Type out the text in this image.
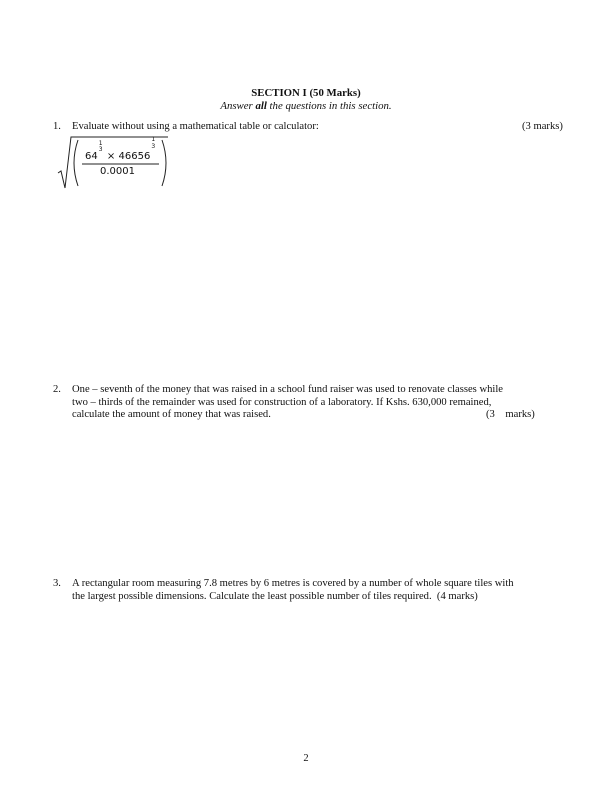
SECTION I (50 Marks)
Answer all the questions in this section.
1. Evaluate without using a mathematical table or calculator:	(3 marks)
64
1
3
× 46656
1
3
0.0001
2. One – seventh of the money that was raised in a school fund raiser was used to renovate classes while
two – thirds of the remainder was used for construction of a laboratory. If Kshs. 630,000 remained,
calculate the amount of money that was raised.	(3    marks)
3. A rectangular room measuring 7.8 metres by 6 metres is covered by a number of whole square tiles with
the largest possible dimensions. Calculate the least possible number of tiles required. (4 marks)
2
